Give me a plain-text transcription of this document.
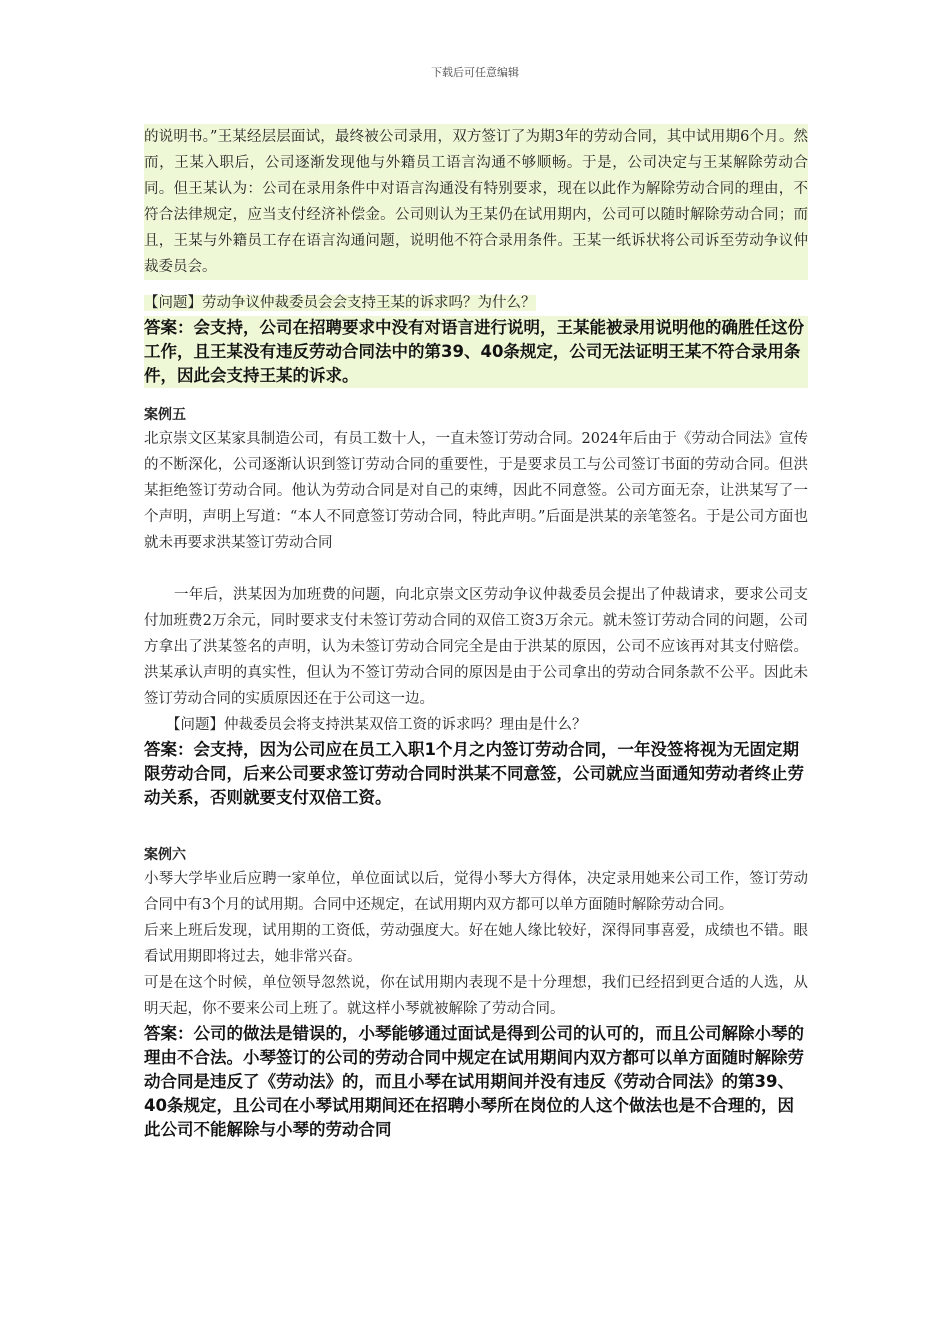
下载后可任意编辑

的说明书。”王某经层层面试，最终被公司录用，双方签订了为期3年的劳动合同，其中试用期6个月。然而，王某入职后，公司逐渐发现他与外籍员工语言沟通不够顺畅。于是，公司决定与王某解除劳动合同。但王某认为：公司在录用条件中对语言沟通没有特别要求，现在以此作为解除劳动合同的理由，不符合法律规定，应当支付经济补偿金。公司则认为王某仍在试用期内，公司可以随时解除劳动合同；而且，王某与外籍员工存在语言沟通问题，说明他不符合录用条件。王某一纸诉状将公司诉至劳动争议仲裁委员会。

【问题】劳动争议仲裁委员会会支持王某的诉求吗？为什么？

答案：会支持，公司在招聘要求中没有对语言进行说明，王某能被录用说明他的确胜任这份工作，且王某没有违反劳动合同法中的第39、40条规定，公司无法证明王某不符合录用条件，因此会支持王某的诉求。

案例五

北京崇文区某家具制造公司，有员工数十人，一直未签订劳动合同。2024年后由于《劳动合同法》宣传的不断深化，公司逐渐认识到签订劳动合同的重要性，于是要求员工与公司签订书面的劳动合同。但洪某拒绝签订劳动合同。他认为劳动合同是对自己的束缚，因此不同意签。公司方面无奈，让洪某写了一个声明，声明上写道：“本人不同意签订劳动合同，特此声明。”后面是洪某的亲笔签名。于是公司方面也就未再要求洪某签订劳动合同

一年后，洪某因为加班费的问题，向北京崇文区劳动争议仲裁委员会提出了仲裁请求，要求公司支付加班费2万余元，同时要求支付未签订劳动合同的双倍工资3万余元。就未签订劳动合同的问题，公司方拿出了洪某签名的声明，认为未签订劳动合同完全是由于洪某的原因，公司不应该再对其支付赔偿。洪某承认声明的真实性，但认为不签订劳动合同的原因是由于公司拿出的劳动合同条款不公平。因此未签订劳动合同的实质原因还在于公司这一边。

【问题】仲裁委员会将支持洪某双倍工资的诉求吗？理由是什么？

答案：会支持，因为公司应在员工入职1个月之内签订劳动合同，一年没签将视为无固定期限劳动合同，后来公司要求签订劳动合同时洪某不同意签，公司就应当面通知劳动者终止劳动关系，否则就要支付双倍工资。

案例六

小琴大学毕业后应聘一家单位，单位面试以后，觉得小琴大方得体，决定录用她来公司工作，签订劳动合同中有3个月的试用期。合同中还规定，在试用期内双方都可以单方面随时解除劳动合同。

后来上班后发现，试用期的工资低，劳动强度大。好在她人缘比较好，深得同事喜爱，成绩也不错。眼看试用期即将过去，她非常兴奋。

可是在这个时候，单位领导忽然说，你在试用期内表现不是十分理想，我们已经招到更合适的人选，从明天起，你不要来公司上班了。就这样小琴就被解除了劳动合同。

答案：公司的做法是错误的，小琴能够通过面试是得到公司的认可的，而且公司解除小琴的理由不合法。小琴签订的公司的劳动合同中规定在试用期间内双方都可以单方面随时解除劳动合同是违反了《劳动法》的，而且小琴在试用期间并没有违反《劳动合同法》的第39、40条规定，且公司在小琴试用期间还在招聘小琴所在岗位的人这个做法也是不合理的，因此公司不能解除与小琴的劳动合同
